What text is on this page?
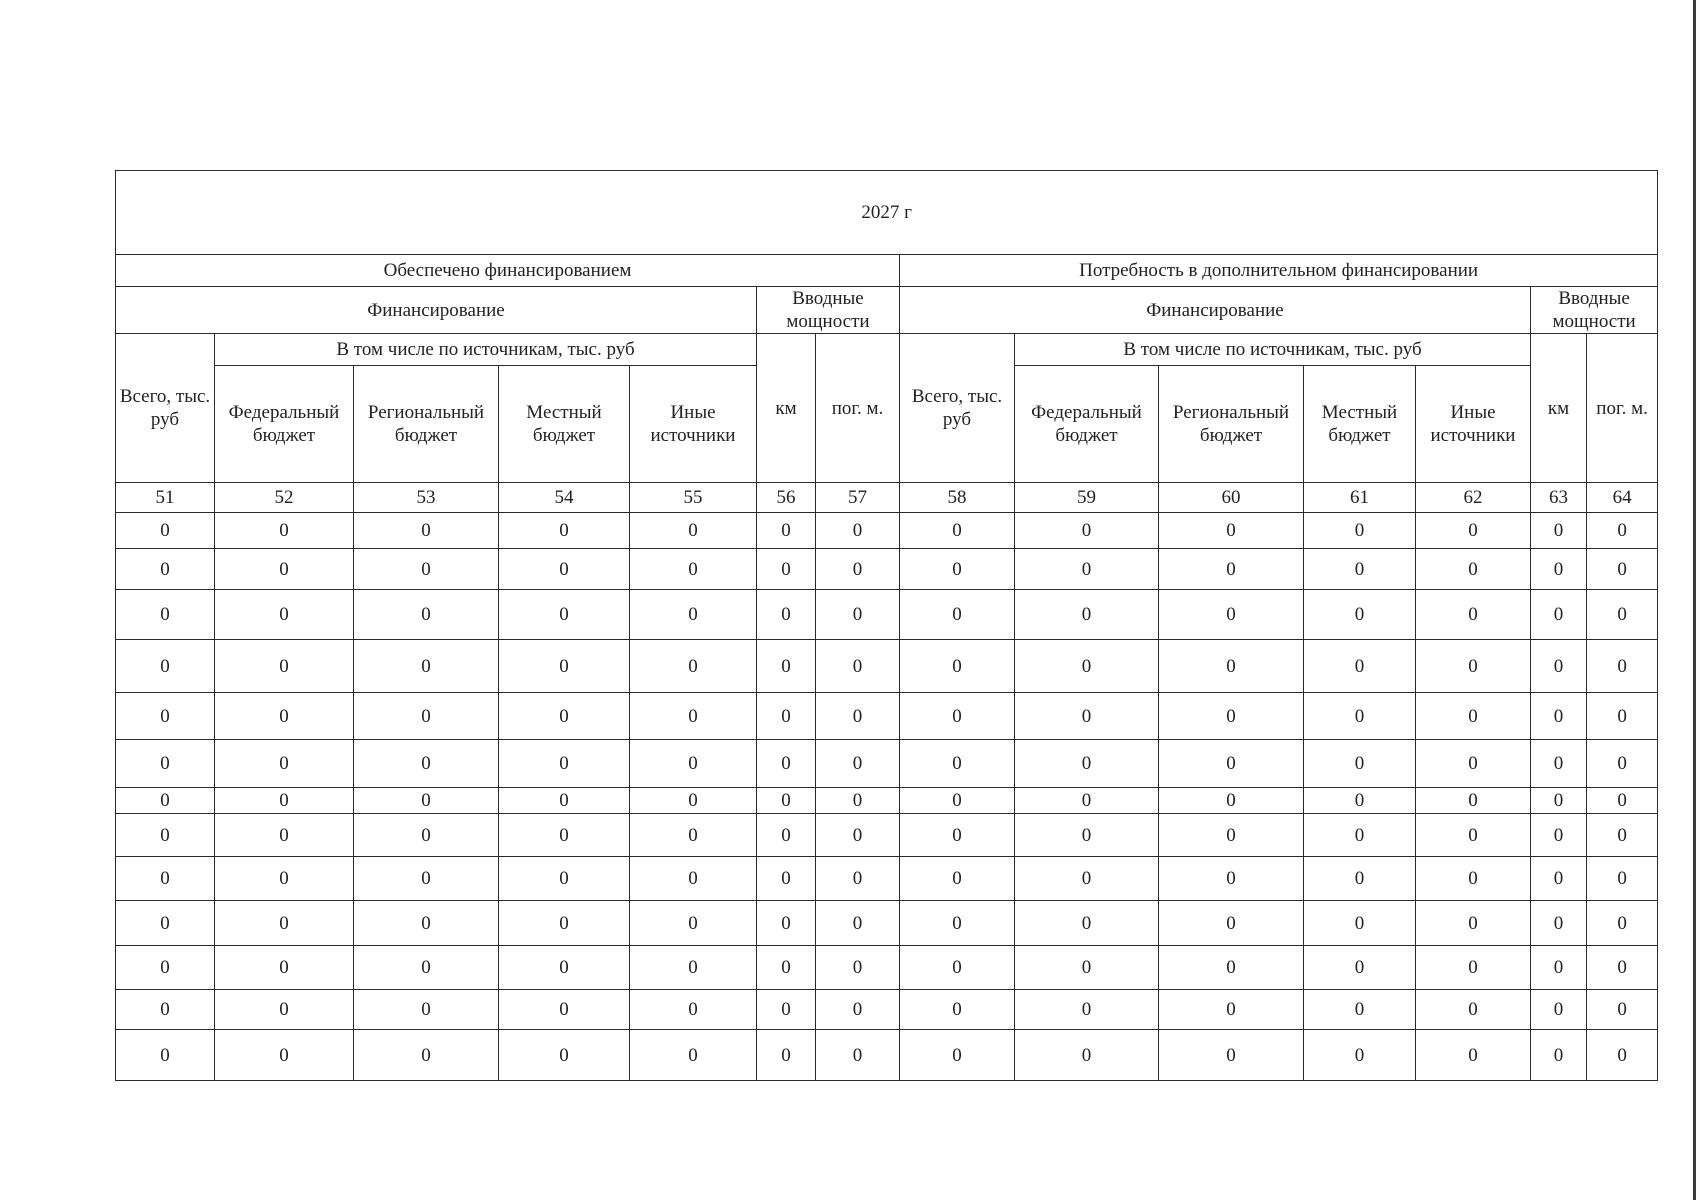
2027 г													
Обеспечено финансированием							Потребность в дополнительном финансировании						
Финансирование					Вводные мощности		Финансирование					Вводные мощности	
Всего, тыс. руб	В том числе по источникам, тыс. руб				км	пог. м.	Всего, тыс. руб	В том числе по источникам, тыс. руб				км	пог. м.
	Федеральный бюджет	Региональный бюджет	Местный бюджет	Иные источники				Федеральный бюджет	Региональный бюджет	Местный бюджет	Иные источники		
51	52	53	54	55	56	57	58	59	60	61	62	63	64
0	0	0	0	0	0	0	0	0	0	0	0	0	0
0	0	0	0	0	0	0	0	0	0	0	0	0	0
0	0	0	0	0	0	0	0	0	0	0	0	0	0
0	0	0	0	0	0	0	0	0	0	0	0	0	0
0	0	0	0	0	0	0	0	0	0	0	0	0	0
0	0	0	0	0	0	0	0	0	0	0	0	0	0
0	0	0	0	0	0	0	0	0	0	0	0	0	0
0	0	0	0	0	0	0	0	0	0	0	0	0	0
0	0	0	0	0	0	0	0	0	0	0	0	0	0
0	0	0	0	0	0	0	0	0	0	0	0	0	0
0	0	0	0	0	0	0	0	0	0	0	0	0	0
0	0	0	0	0	0	0	0	0	0	0	0	0	0
0	0	0	0	0	0	0	0	0	0	0	0	0	0
